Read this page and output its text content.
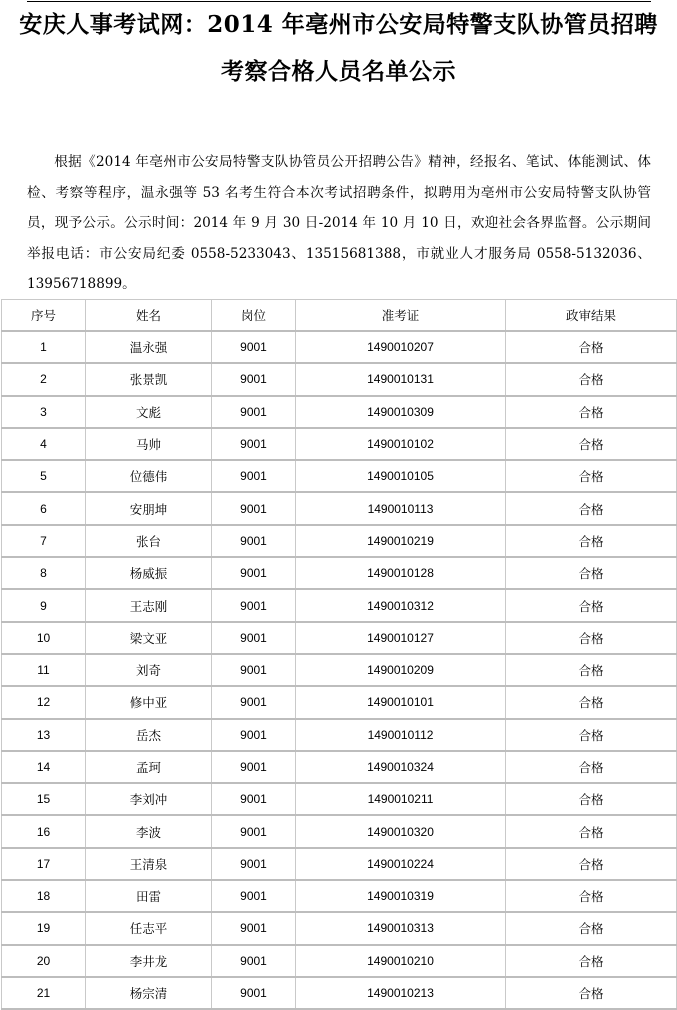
安庆人事考试网：2014 年亳州市公安局特警支队协管员招聘
考察合格人员名单公示
根据《2014 年亳州市公安局特警支队协管员公开招聘公告》精神，经报名、笔试、体能测试、体检、考察等程序，温永强等 53 名考生符合本次考试招聘条件，拟聘用为亳州市公安局特警支队协管员，现予公示。公示时间：2014 年 9 月 30 日-2014 年 10 月 10 日，欢迎社会各界监督。公示期间举报电话：市公安局纪委 0558-5233043、13515681388，市就业人才服务局 0558-5132036、13956718899。
序号	姓名	岗位	准考证	政审结果
1	温永强	9001	1490010207	合格
2	张景凯	9001	1490010131	合格
3	文彪	9001	1490010309	合格
4	马帅	9001	1490010102	合格
5	位德伟	9001	1490010105	合格
6	安朋坤	9001	1490010113	合格
7	张台	9001	1490010219	合格
8	杨威振	9001	1490010128	合格
9	王志刚	9001	1490010312	合格
10	梁文亚	9001	1490010127	合格
11	刘奇	9001	1490010209	合格
12	修中亚	9001	1490010101	合格
13	岳杰	9001	1490010112	合格
14	孟珂	9001	1490010324	合格
15	李刘冲	9001	1490010211	合格
16	李波	9001	1490010320	合格
17	王清泉	9001	1490010224	合格
18	田雷	9001	1490010319	合格
19	任志平	9001	1490010313	合格
20	李井龙	9001	1490010210	合格
21	杨宗清	9001	1490010213	合格
